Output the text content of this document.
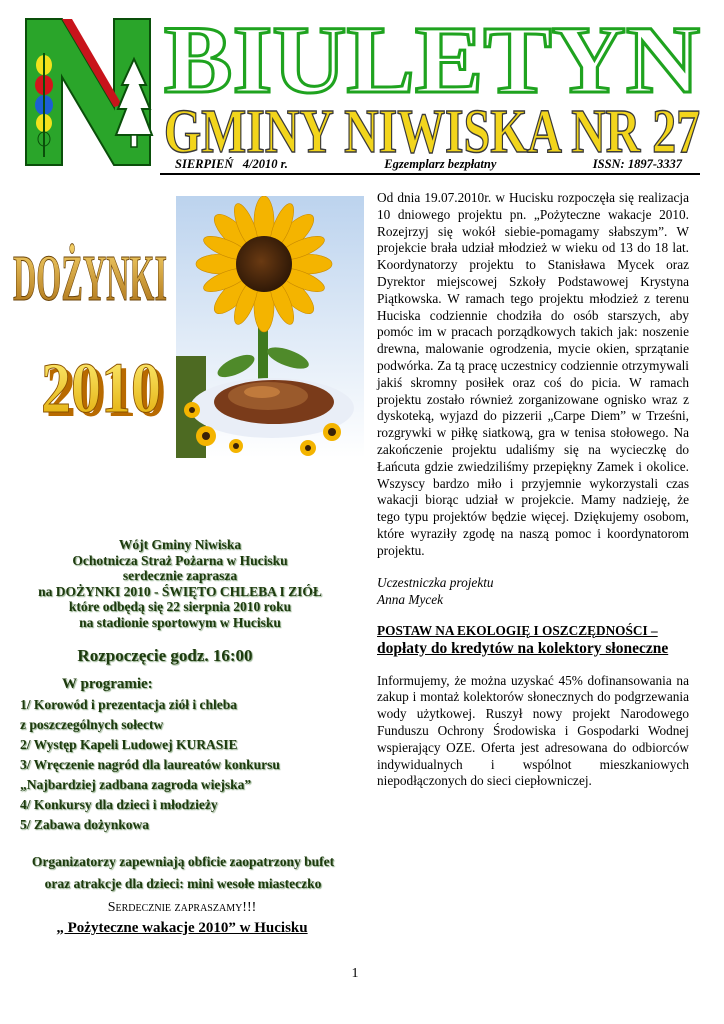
BIULETYN
GMINY NIWISKA NR 27
SIERPIEŃ 4/2010 r.	Egzemplarz bezpłatny	ISSN: 1897-3337
DOŻYNKI
2010
2010
Wójt Gminy Niwiska
Ochotnicza Straż Pożarna w Hucisku
serdecznie zaprasza
na DOŻYNKI 2010 - ŚWIĘTO CHLEBA I ZIÓŁ
które odbędą się 22 sierpnia 2010 roku
na stadionie sportowym w Hucisku
Rozpoczęcie godz. 16:00
W programie:
1/ Korowód i prezentacja ziół i chleba
z poszczególnych sołectw
2/ Występ Kapeli Ludowej KURASIE
3/ Wręczenie nagród dla laureatów konkursu
„Najbardziej zadbana zagroda wiejska”
4/ Konkursy dla dzieci i młodzieży
5/ Zabawa dożynkowa
Organizatorzy zapewniają obficie zaopatrzony bufet oraz atrakcje dla dzieci: mini wesołe miasteczko
Serdecznie zapraszamy!!!
„ Pożyteczne wakacje 2010” w Hucisku

Od dnia 19.07.2010r. w Hucisku rozpoczęła się realizacja 10 dniowego projektu pn. „Pożyteczne wakacje 2010. Rozejrzyj się wokół siebie-pomagamy słabszym”. W projekcie brała udział młodzież w wieku od 13 do 18 lat. Koordynatorzy projektu to Stanisława Mycek oraz Dyrektor miejscowej Szkoły Podstawowej Krystyna Piątkowska. W ramach tego projektu młodzież z terenu Huciska codziennie chodziła do osób starszych, aby pomóc im w pracach porządkowych takich jak: noszenie drewna, malowanie ogrodzenia, mycie okien, sprzątanie podwórka. Za tą pracę uczestnicy codziennie otrzymywali jakiś skromny posiłek oraz coś do picia. W ramach projektu zostało również zorganizowane ognisko wraz z dyskoteką, wyjazd do pizzerii „Carpe Diem” w Trześni, rozgrywki w piłkę siatkową, gra w tenisa stołowego. Na zakończenie projektu udaliśmy się na wycieczkę do Łańcuta gdzie zwiedziliśmy przepiękny Zamek i okolice. Wszyscy bardzo miło i przyjemnie wykorzystali czas wakacji biorąc udział w projekcie. Mamy nadzieję, że tego typu projektów będzie więcej. Dziękujemy osobom, które wyraziły zgodę na naszą pomoc i koordynatorom projektu.

Uczestniczka projektu
Anna Mycek
POSTAW NA EKOLOGIĘ I OSZCZĘDNOŚCI –
dopłaty do kredytów na kolektory słoneczne

Informujemy, że można uzyskać 45% dofinansowania na zakup i montaż kolektorów słonecznych do podgrzewania wody użytkowej. Ruszył nowy projekt Narodowego Funduszu Ochrony Środowiska i Gospodarki Wodnej wspierający OZE. Oferta jest adresowana do odbiorców indywidualnych i wspólnot mieszkaniowych niepodłączonych do sieci ciepłowniczej.

1
